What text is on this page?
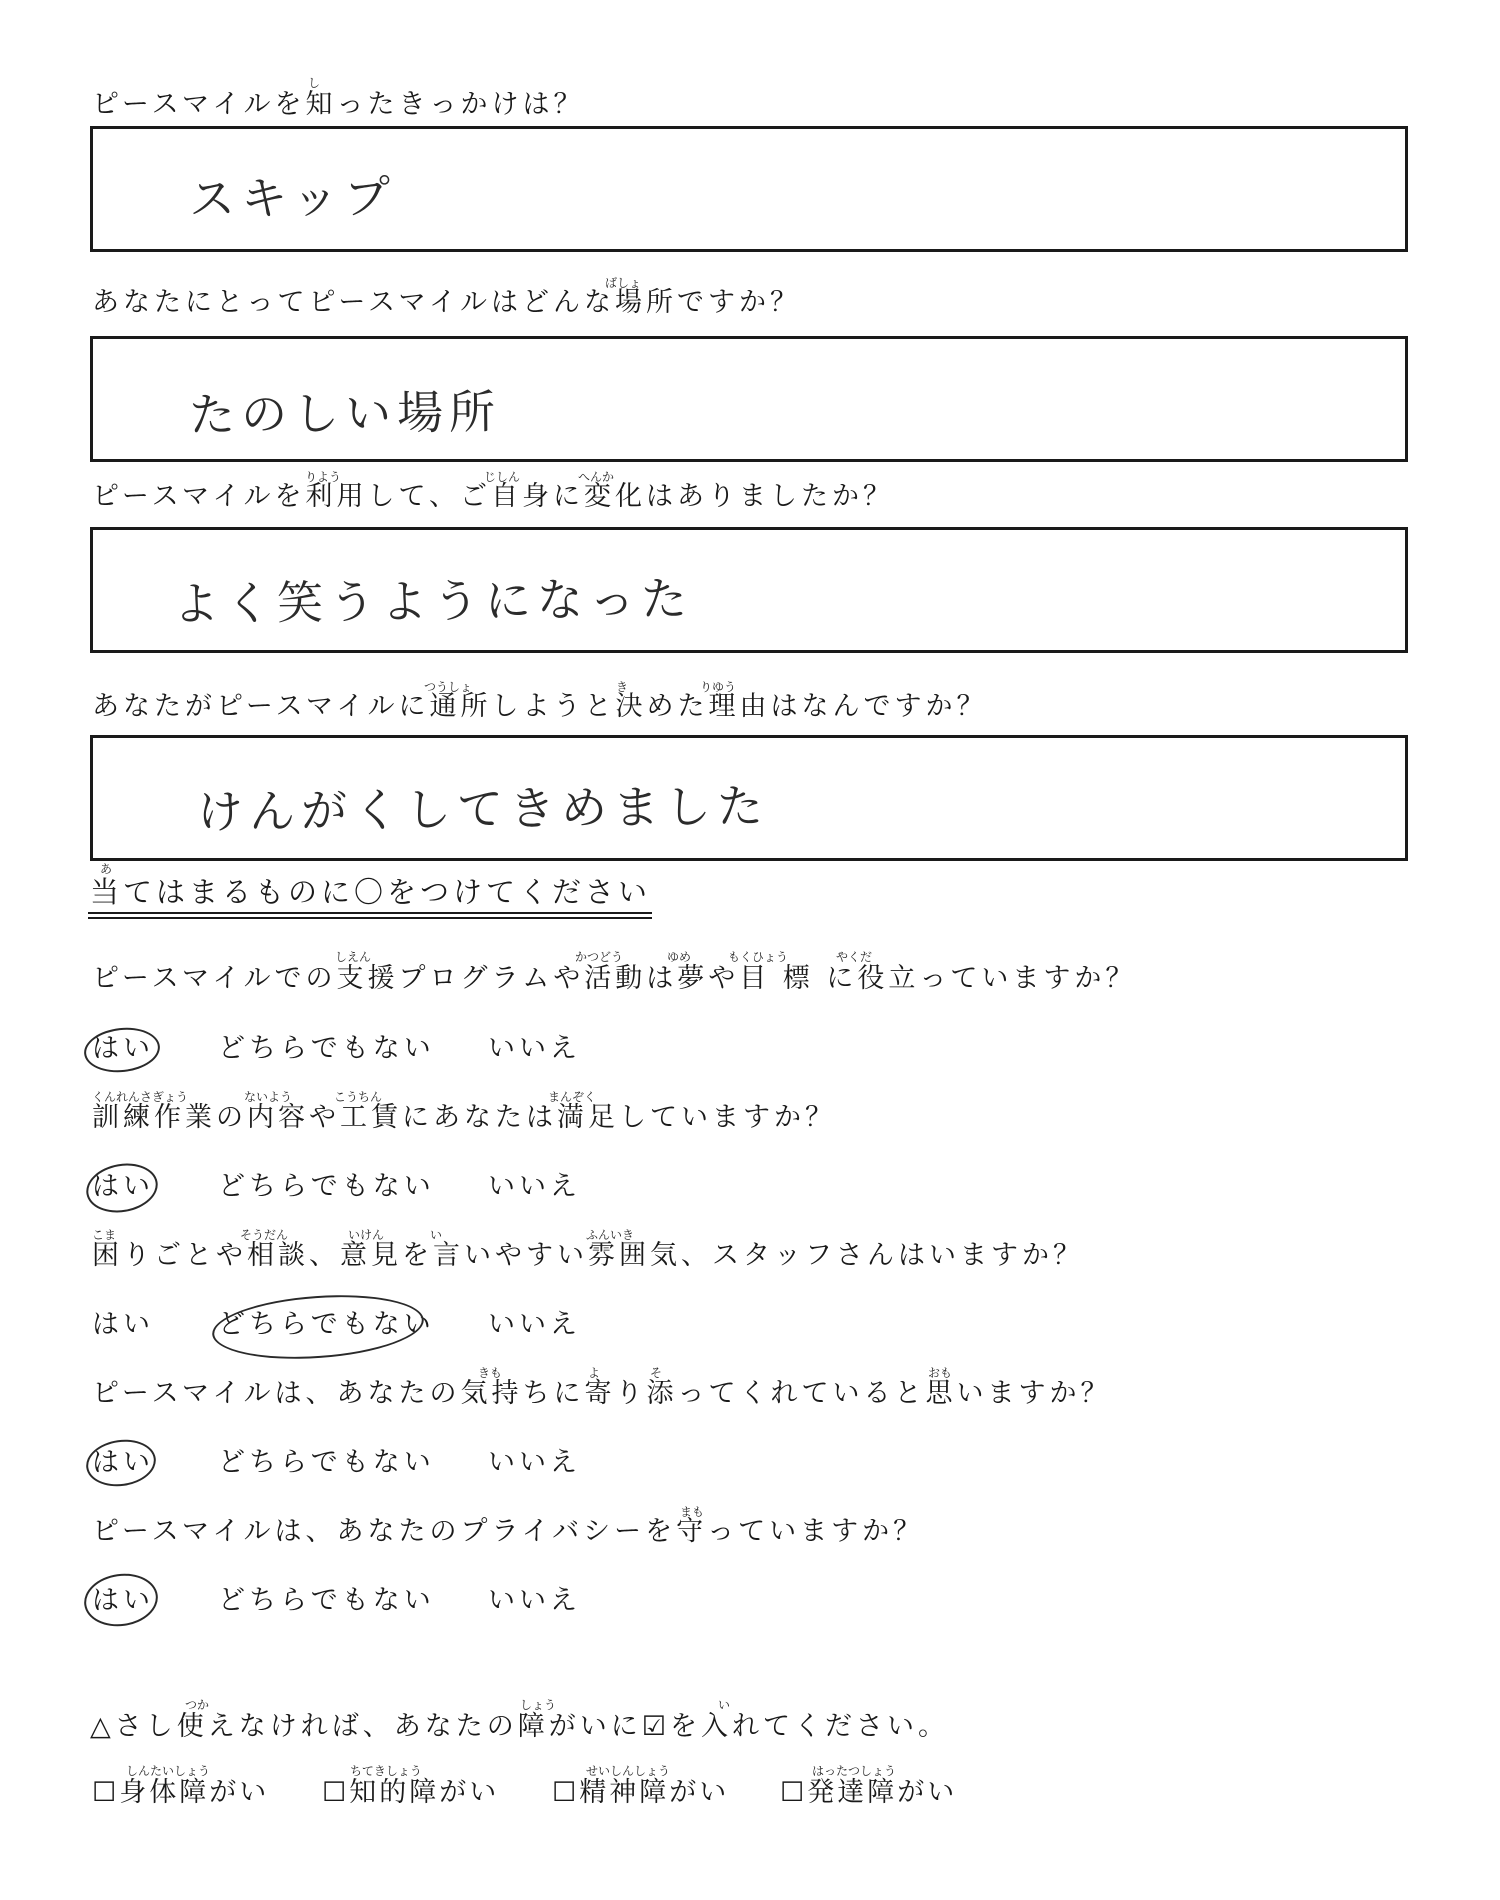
し
ピースマイルを知ったきっかけは？
スキップ
ばしょ
あなたにとってピースマイルはどんな場所ですか？
たのしい場所
りよう	じしん	へんか
ピースマイルを利用して、ご自身に変化はありましたか？
よく笑うようになった
つうしょ	き	りゆう
あなたがピースマイルに通所しようと決めた理由はなんですか？
けんがくしてきめました
あ
当てはまるものに〇をつけてください
しえん	かつどう	ゆめ	もくひょう	やくだ
ピースマイルでの支援プログラムや活動は夢や目 標 に役立っていますか？
はい どちらでもない いいえ
くんれんさぎょう	ないよう	こうちん	まんぞく
訓練作業の内容や工賃にあなたは満足していますか？
はい どちらでもない いいえ
こま	そうだん	いけん	い	ふんいき
困りごとや相談、意見を言いやすい雰囲気、スタッフさんはいますか？
はい どちらでもない いいえ
きも	よ	そ	おも
ピースマイルは、あなたの気持ちに寄り添ってくれていると思いますか？
はい どちらでもない いいえ
まも
ピースマイルは、あなたのプライバシーを守っていますか？
はい どちらでもない いいえ
つか	しょう	い
△さし使えなければ、あなたの障がいに☑を入れてください。
しんたいしょう	ちてきしょう	せいしんしょう	はったつしょう
☐身体障がい ☐知的障がい ☐精神障がい ☐発達障がい
